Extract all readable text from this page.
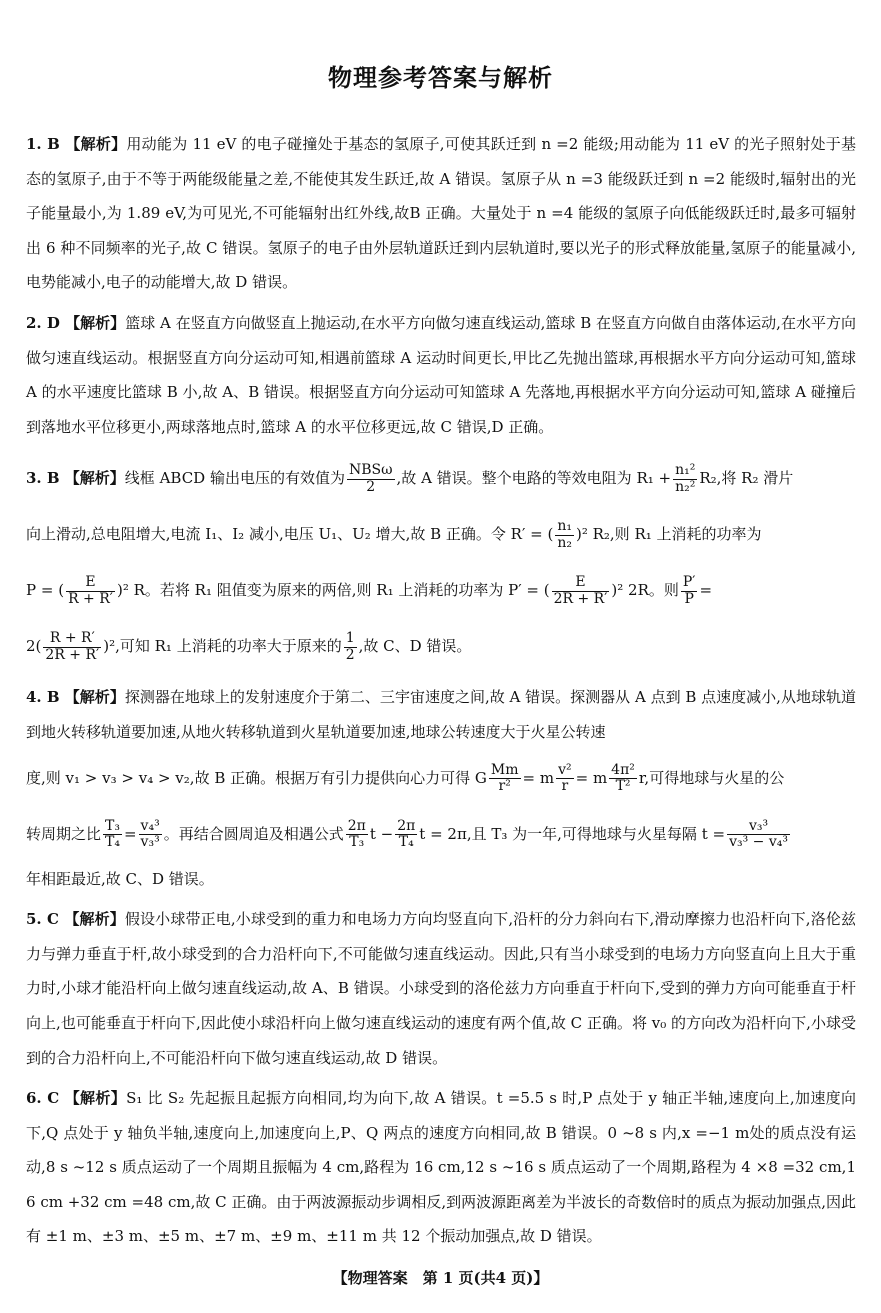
物理参考答案与解析

1. B 【解析】用动能为 11 eV 的电子碰撞处于基态的氢原子,可使其跃迁到 n =2 能级;用动能为 11 eV 的光子照射处于基态的氢原子,由于不等于两能级能量之差,不能使其发生跃迁,故 A 错误。氢原子从 n =3 能级跃迁到 n =2 能级时,辐射出的光子能量最小,为 1.89 eV,为可见光,不可能辐射出红外线,故B 正确。大量处于 n =4 能级的氢原子向低能级跃迁时,最多可辐射出 6 种不同频率的光子,故 C 错误。氢原子的电子由外层轨道跃迁到内层轨道时,要以光子的形式释放能量,氢原子的能量减小,电势能减小,电子的动能增大,故 D 错误。

2. D 【解析】篮球 A 在竖直方向做竖直上抛运动,在水平方向做匀速直线运动,篮球 B 在竖直方向做自由落体运动,在水平方向做匀速直线运动。根据竖直方向分运动可知,相遇前篮球 A 运动时间更长,甲比乙先抛出篮球,再根据水平方向分运动可知,篮球 A 的水平速度比篮球 B 小,故 A、B 错误。根据竖直方向分运动可知篮球 A 先落地,再根据水平方向分运动可知,篮球 A 碰撞后到落地水平位移更小,两球落地点时,篮球 A 的水平位移更远,故 C 错误,D 正确。

3. B 【解析】线框 ABCD 输出电压的有效值为 $\frac{\text{NBSω}}{2}$ ,故 A 错误。整个电路的等效电阻为 $R_1 + \frac{\text{n₁²}}{\text{n₂²}} R_2$,将 R₂ 滑片
向上滑动,总电阻增大,电流 I₁、I₂ 减小,电压 U₁、U₂ 增大,故 B 正确。令 R′ = ( $\frac{\text{n₁}}{\text{n₂}} )^2$ R₂,则 R₁ 上消耗的功率为
P = ( $\frac{E}{R + R'} )^2$ R。若将 R₁ 阻值变为原来的两倍,则 R₁ 上消耗的功率为 P′ = ( $\frac{E}{2R + R'} )^2$ 2R。则 $\frac{P'}{P}$ =
$2( \frac{R + R'}{2R + R'} )^2$,可知 R₁ 上消耗的功率大于原来的 $\frac{1}{2}$ ,故 C、D 错误。
4. B 【解析】探测器在地球上的发射速度介于第二、三宇宙速度之间,故 A 错误。探测器从 A 点到 B 点速度减小,从地球轨道到地火转移轨道要加速,从地火转移轨道到火星轨道要加速,地球公转速度大于火星公转速
度,则 v₁ > v₃ > v₄ > v₂,故 B 正确。根据万有引力提供向心力可得 G $\frac{Mm}{\text{r²}} = m \frac{\text{v²}}{r} = m \frac{\text{4π²}}{\text{T²}} r$,可得地球与火星的公
转周期之比 $\frac{\text{T₃}}{\text{T₄}} = \frac{\text{v₄³}}{\text{v₃³}}$ 。再结合圆周追及相遇公式 $\frac{2\pi}{\text{T₃}}$ $t - \frac{2\pi}{\text{T₄}}$ t = 2π,且 T₃ 为一年,可得地球与火星每隔 $t = \frac{\text{v₃³}}{\text{v₃³ − v₄³}}$
年相距最近,故 C、D 错误。

5. C 【解析】假设小球带正电,小球受到的重力和电场力方向均竖直向下,沿杆的分力斜向右下,滑动摩擦力也沿杆向下,洛伦兹力与弹力垂直于杆,故小球受到的合力沿杆向下,不可能做匀速直线运动。因此,只有当小球受到的电场力方向竖直向上且大于重力时,小球才能沿杆向上做匀速直线运动,故 A、B 错误。小球受到的洛伦兹力方向垂直于杆向下,受到的弹力方向可能垂直于杆向上,也可能垂直于杆向下,因此使小球沿杆向上做匀速直线运动的速度有两个值,故 C 正确。将 v₀ 的方向改为沿杆向下,小球受到的合力沿杆向上,不可能沿杆向下做匀速直线运动,故 D 错误。

6. C 【解析】S₁ 比 S₂ 先起振且起振方向相同,均为向下,故 A 错误。t =5.5 s 时,P 点处于 y 轴正半轴,速度向上,加速度向下,Q 点处于 y 轴负半轴,速度向上,加速度向上,P、Q 两点的速度方向相同,故 B 错误。0 ~8 s 内,x =−1 m处的质点没有运动,8 s ~12 s 质点运动了一个周期且振幅为 4 cm,路程为 16 cm,12 s ~16 s 质点运动了一个周期,路程为 4 ×8 =32 cm,16 cm +32 cm =48 cm,故 C 正确。由于两波源振动步调相反,到两波源距离差为半波长的奇数倍时的质点为振动加强点,因此有 ±1 m、±3 m、±5 m、±7 m、±9 m、±11 m 共 12 个振动加强点,故 D 错误。

【物理答案　第 1 页(共4 页)】
